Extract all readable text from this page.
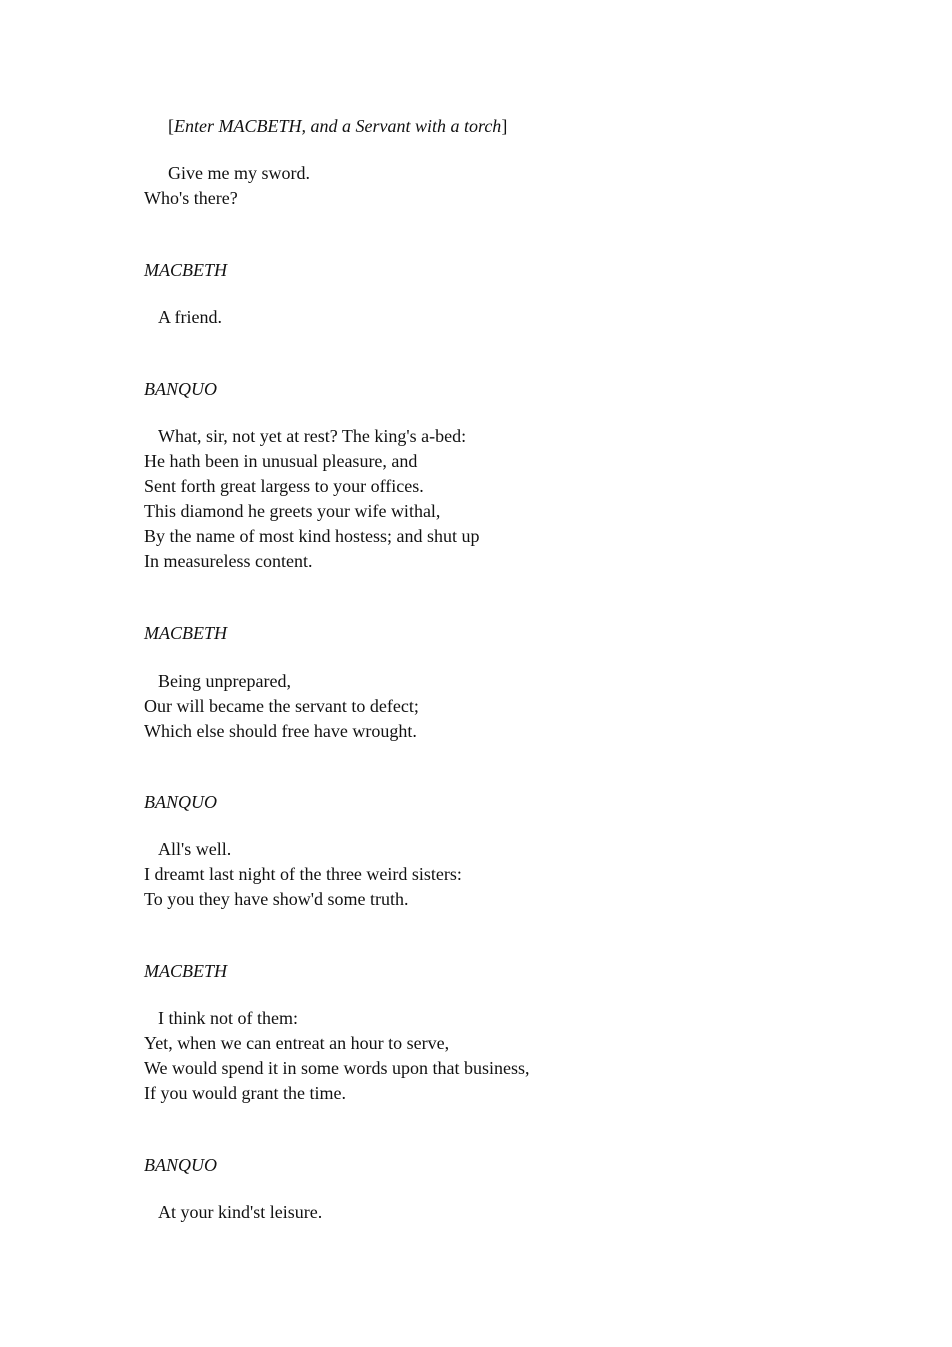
[Enter MACBETH, and a Servant with a torch]

Give me my sword.

Who's there?

MACBETH

A friend.

BANQUO

What, sir, not yet at rest? The king's a-bed:

He hath been in unusual pleasure, and

Sent forth great largess to your offices.

This diamond he greets your wife withal,

By the name of most kind hostess; and shut up

In measureless content.

MACBETH

Being unprepared,

Our will became the servant to defect;

Which else should free have wrought.

BANQUO

All's well.

I dreamt last night of the three weird sisters:

To you they have show'd some truth.

MACBETH

I think not of them:

Yet, when we can entreat an hour to serve,

We would spend it in some words upon that business,

If you would grant the time.

BANQUO

At your kind'st leisure.
